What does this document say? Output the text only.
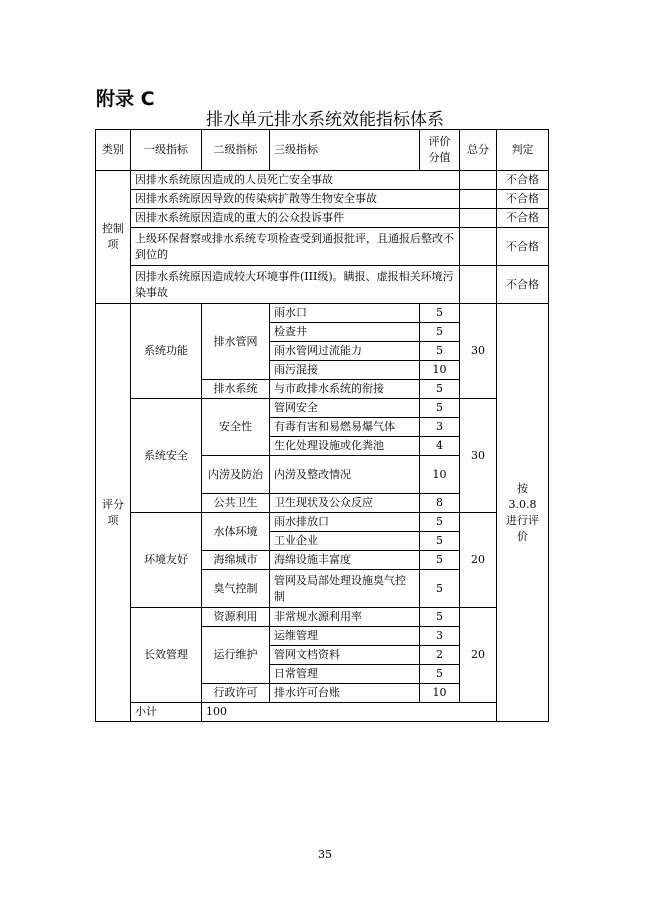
附录 C
排水单元排水系统效能指标体系
类别	一级指标	二级指标	三级指标	评价分值	总分	判定
控制项	因排水系统原因造成的人员死亡安全事故					不合格
	因排水系统原因导致的传染病扩散等生物安全事故					不合格
	因排水系统原因造成的重大的公众投诉事件					不合格
	上级环保督察或排水系统专项检查受到通报批评，且通报后整改不到位的					不合格
	因排水系统原因造成较大环境事件(III级)。瞒报、虚报相关环境污染事故					不合格
评分项	系统功能	排水管网	雨水口	5	30	按 3.0.8 进行评价
			检查井	5		
			雨水管网过流能力	5		
			雨污混接	10		
		排水系统	与市政排水系统的衔接	5		
	系统安全	安全性	管网安全	5	30	
			有毒有害和易燃易爆气体	3		
			生化处理设施或化粪池	4		
		内涝及防治	内涝及整改情况	10		
		公共卫生	卫生现状及公众反应	8		
	环境友好	水体环境	雨水排放口	5	20	
			工业企业	5		
		海绵城市	海绵设施丰富度	5		
		臭气控制	管网及局部处理设施臭气控制	5		
	长效管理	资源利用	非常规水源利用率	5	20	
		运行维护	运维管理	3		
			管网文档资料	2		
			日常管理	5		
		行政许可	排水许可台账	10		
	小计	100				
35
